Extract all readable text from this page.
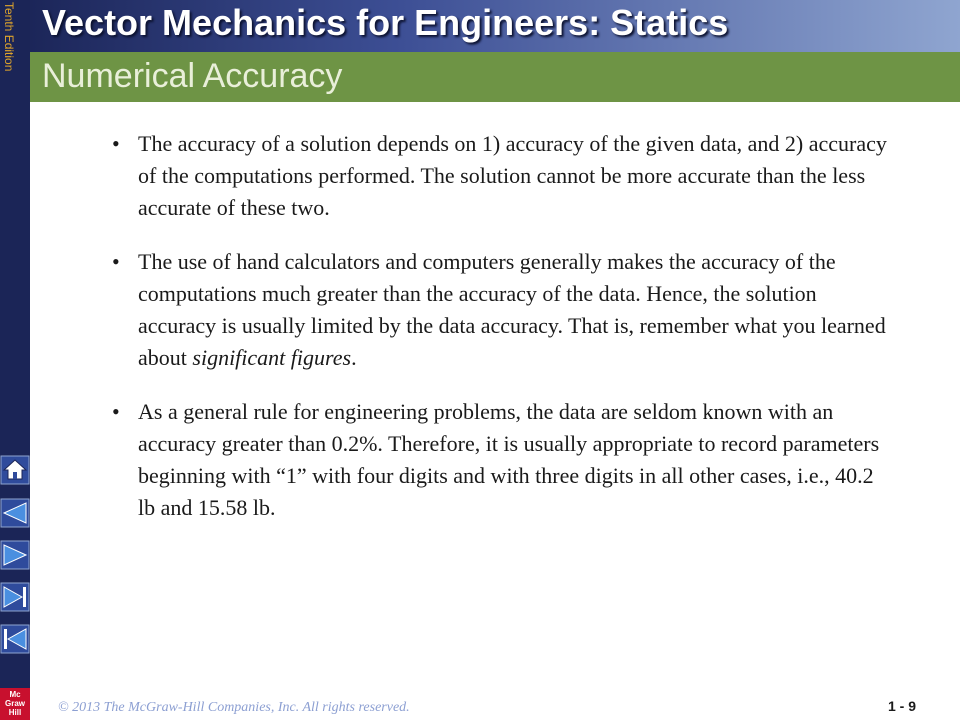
Tenth Edition Vector Mechanics for Engineers: Statics
Numerical Accuracy
• The accuracy of a solution depends on 1) accuracy of the given data, and 2) accuracy of the computations performed. The solution cannot be more accurate than the less accurate of these two.
• The use of hand calculators and computers generally makes the accuracy of the computations much greater than the accuracy of the data. Hence, the solution accuracy is usually limited by the data accuracy. That is, remember what you learned about significant figures.
• As a general rule for engineering problems, the data are seldom known with an accuracy greater than 0.2%. Therefore, it is usually appropriate to record parameters beginning with “1” with four digits and with three digits in all other cases, i.e., 40.2 lb and 15.58 lb.
Mc
Graw
Hill	© 2013 The McGraw-Hill Companies, Inc. All rights reserved.	1 - 9
